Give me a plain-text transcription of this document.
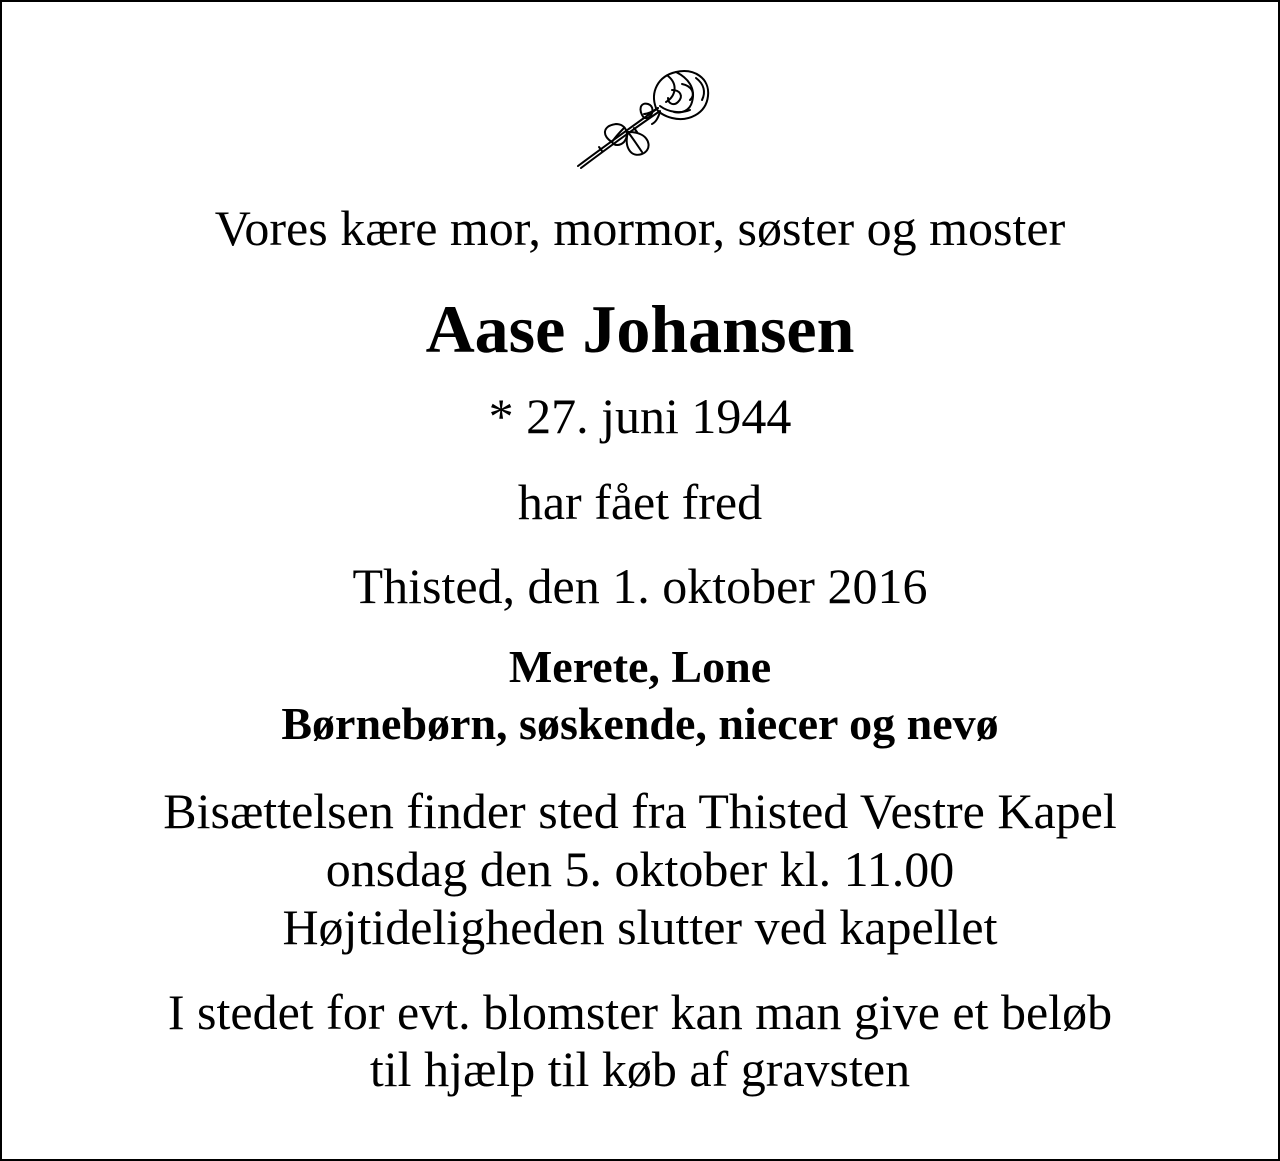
Vores kære mor, mormor, søster og moster
Aase Johansen
* 27. juni 1944
har fået fred
Thisted, den 1. oktober 2016
Merete, Lone
Børnebørn, søskende, niecer og nevø
Bisættelsen finder sted fra Thisted Vestre Kapel
onsdag den 5. oktober kl. 11.00
Højtideligheden slutter ved kapellet
I stedet for evt. blomster kan man give et beløb
til hjælp til køb af gravsten
